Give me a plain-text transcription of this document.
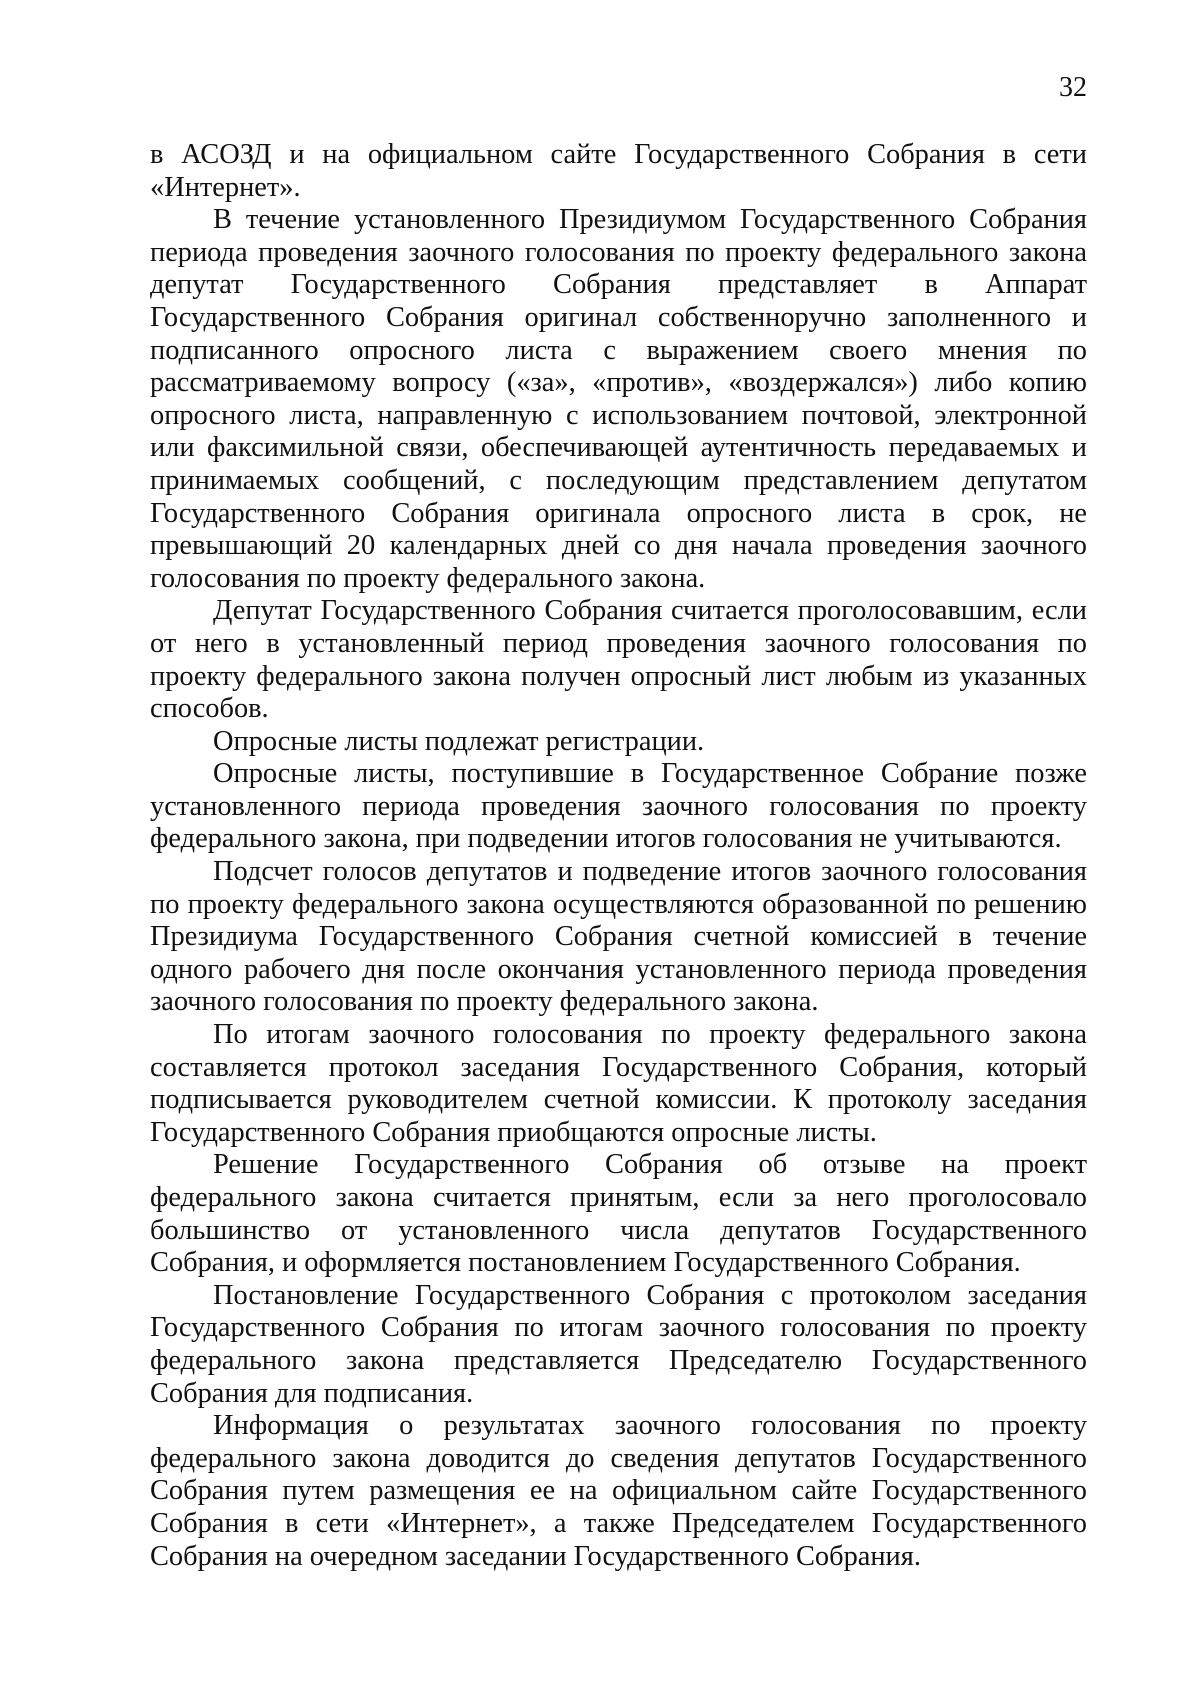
32

в АСОЗД и на официальном сайте Государственного Собрания в сети «Интернет».

В течение установленного Президиумом Государственного Собрания периода проведения заочного голосования по проекту федерального закона депутат Государственного Собрания представляет в Аппарат Государственного Собрания оригинал собственноручно заполненного и подписанного опросного листа с выражением своего мнения по рассматриваемому вопросу («за», «против», «воздержался») либо копию опросного листа, направленную с использованием почтовой, электронной или факсимильной связи, обеспечивающей аутентичность передаваемых и принимаемых сообщений, с последующим представлением депутатом Государственного Собрания оригинала опросного листа в срок, не превышающий 20 календарных дней со дня начала проведения заочного голосования по проекту федерального закона.

Депутат Государственного Собрания считается проголосовавшим, если от него в установленный период проведения заочного голосования по проекту федерального закона получен опросный лист любым из указанных способов.

Опросные листы подлежат регистрации.

Опросные листы, поступившие в Государственное Собрание позже установленного периода проведения заочного голосования по проекту федерального закона, при подведении итогов голосования не учитываются.

Подсчет голосов депутатов и подведение итогов заочного голосования по проекту федерального закона осуществляются образованной по решению Президиума Государственного Собрания счетной комиссией в течение одного рабочего дня после окончания установленного периода проведения заочного голосования по проекту федерального закона.

По итогам заочного голосования по проекту федерального закона составляется протокол заседания Государственного Собрания, который подписывается руководителем счетной комиссии. К протоколу заседания Государственного Собрания приобщаются опросные листы.

Решение Государственного Собрания об отзыве на проект федерального закона считается принятым, если за него проголосовало большинство от установленного числа депутатов Государственного Собрания, и оформляется постановлением Государственного Собрания.

Постановление Государственного Собрания с протоколом заседания Государственного Собрания по итогам заочного голосования по проекту федерального закона представляется Председателю Государственного Собрания для подписания.

Информация о результатах заочного голосования по проекту федерального закона доводится до сведения депутатов Государственного Собрания путем размещения ее на официальном сайте Государственного Собрания в сети «Интернет», а также Председателем Государственного Собрания на очередном заседании Государственного Собрания.
